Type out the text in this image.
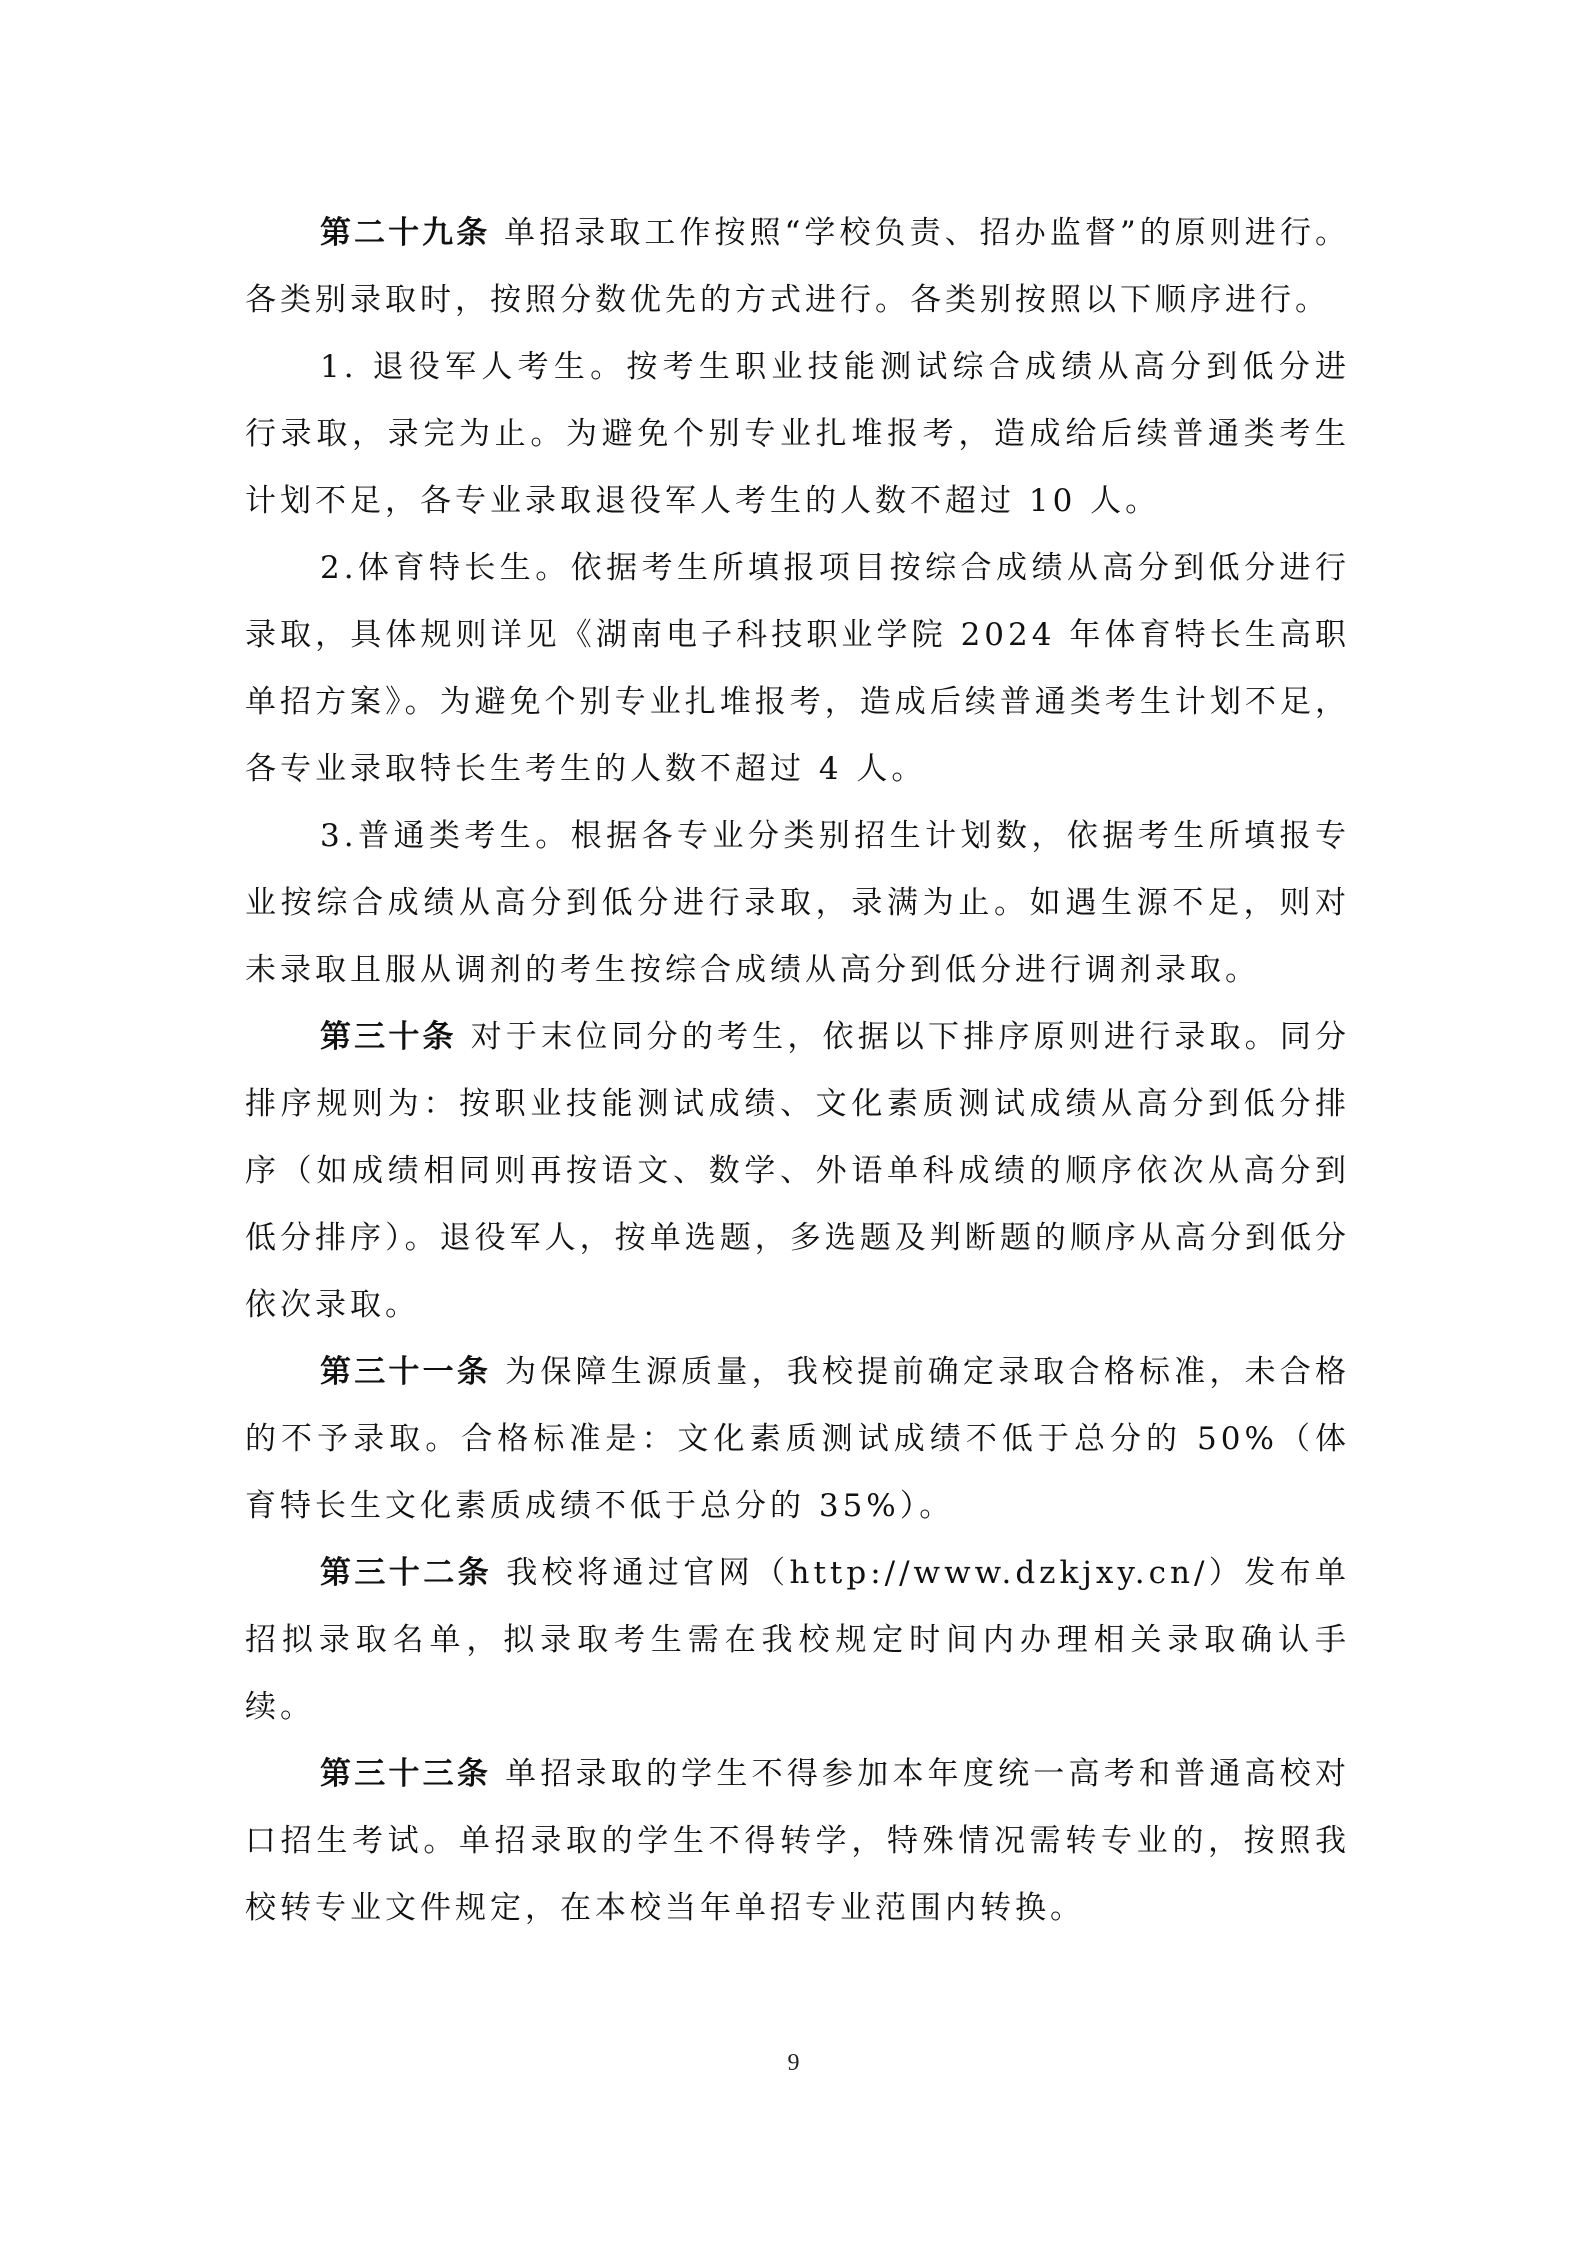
第二十九条 单招录取工作按照“学校负责、招办监督”的原则进行。各类别录取时，按照分数优先的方式进行。各类别按照以下顺序进行。

1. 退役军人考生。按考生职业技能测试综合成绩从高分到低分进行录取，录完为止。为避免个别专业扎堆报考，造成给后续普通类考生计划不足，各专业录取退役军人考生的人数不超过 10 人。

2.体育特长生。依据考生所填报项目按综合成绩从高分到低分进行录取，具体规则详见《湖南电子科技职业学院 2024 年体育特长生高职单招方案》。为避免个别专业扎堆报考，造成后续普通类考生计划不足，各专业录取特长生考生的人数不超过 4 人。

3.普通类考生。根据各专业分类别招生计划数，依据考生所填报专业按综合成绩从高分到低分进行录取，录满为止。如遇生源不足，则对未录取且服从调剂的考生按综合成绩从高分到低分进行调剂录取。

第三十条 对于末位同分的考生，依据以下排序原则进行录取。同分排序规则为：按职业技能测试成绩、文化素质测试成绩从高分到低分排序（如成绩相同则再按语文、数学、外语单科成绩的顺序依次从高分到低分排序）。退役军人，按单选题，多选题及判断题的顺序从高分到低分依次录取。

第三十一条 为保障生源质量，我校提前确定录取合格标准，未合格的不予录取。合格标准是：文化素质测试成绩不低于总分的 50%（体育特长生文化素质成绩不低于总分的 35%）。

第三十二条 我校将通过官网（http://www.dzkjxy.cn/）发布单招拟录取名单，拟录取考生需在我校规定时间内办理相关录取确认手续。

第三十三条 单招录取的学生不得参加本年度统一高考和普通高校对口招生考试。单招录取的学生不得转学，特殊情况需转专业的，按照我校转专业文件规定，在本校当年单招专业范围内转换。

9
